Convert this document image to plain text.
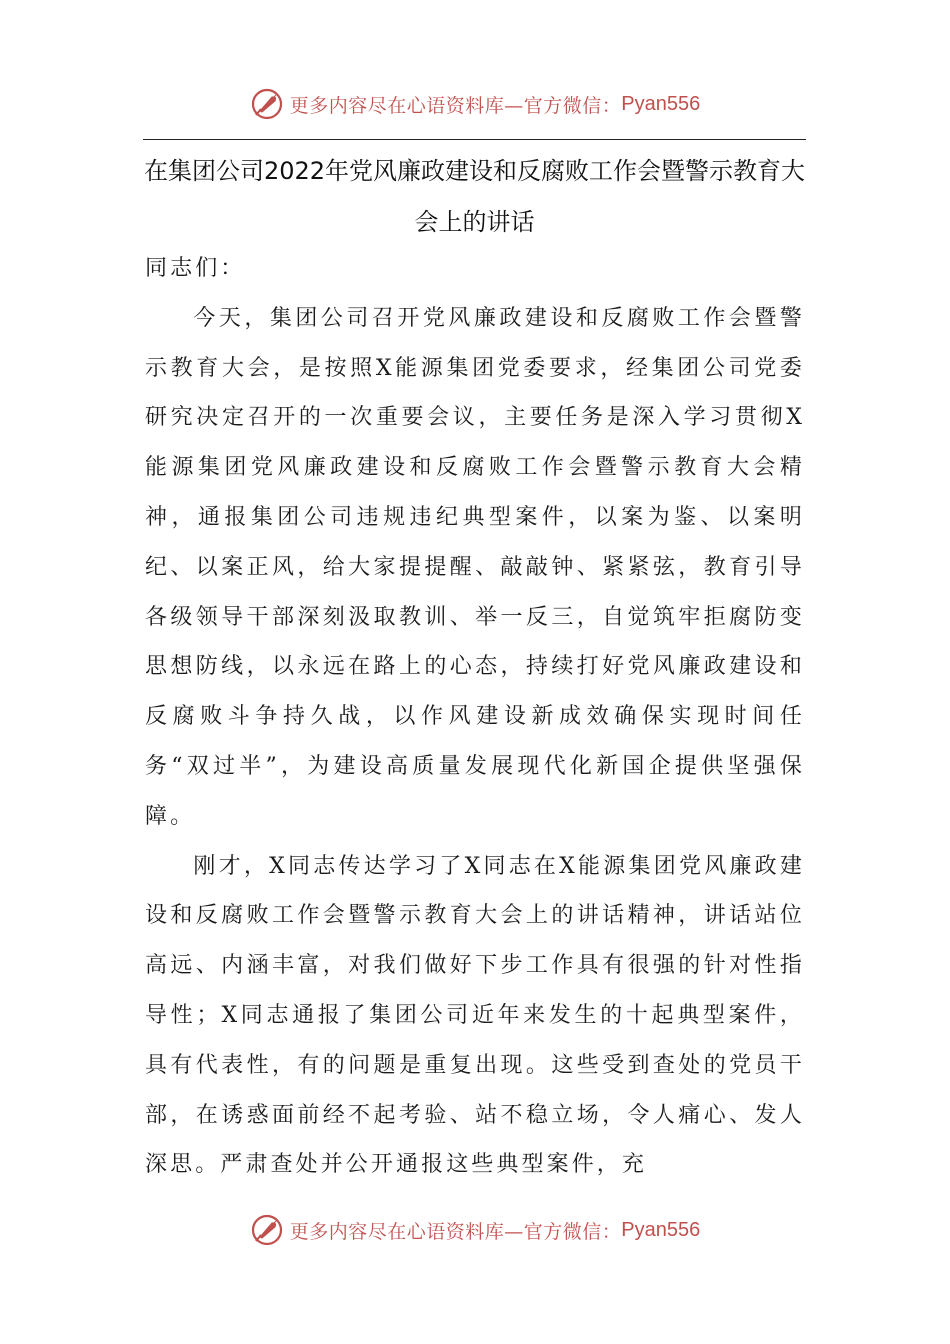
更多内容尽在心语资料库—官方微信： Pyan556
在集团公司2022年党风廉政建设和反腐败工作会暨警示教育大会上的讲话

同志们：

今天，集团公司召开党风廉政建设和反腐败工作会暨警示教育大会，是按照X能源集团党委要求，经集团公司党委研究决定召开的一次重要会议，主要任务是深入学习贯彻X能源集团党风廉政建设和反腐败工作会暨警示教育大会精神，通报集团公司违规违纪典型案件，以案为鉴、以案明纪、以案正风，给大家提提醒、敲敲钟、紧紧弦，教育引导各级领导干部深刻汲取教训、举一反三，自觉筑牢拒腐防变思想防线，以永远在路上的心态，持续打好党风廉政建设和反腐败斗争持久战，以作风建设新成效确保实现时间任务“双过半”，为建设高质量发展现代化新国企提供坚强保障。

刚才，X同志传达学习了X同志在X能源集团党风廉政建设和反腐败工作会暨警示教育大会上的讲话精神，讲话站位高远、内涵丰富，对我们做好下步工作具有很强的针对性指导性；X同志通报了集团公司近年来发生的十起典型案件，具有代表性，有的问题是重复出现。这些受到查处的党员干部，在诱惑面前经不起考验、站不稳立场，令人痛心、发人深思。严肃查处并公开通报这些典型案件，充

更多内容尽在心语资料库—官方微信： Pyan556
